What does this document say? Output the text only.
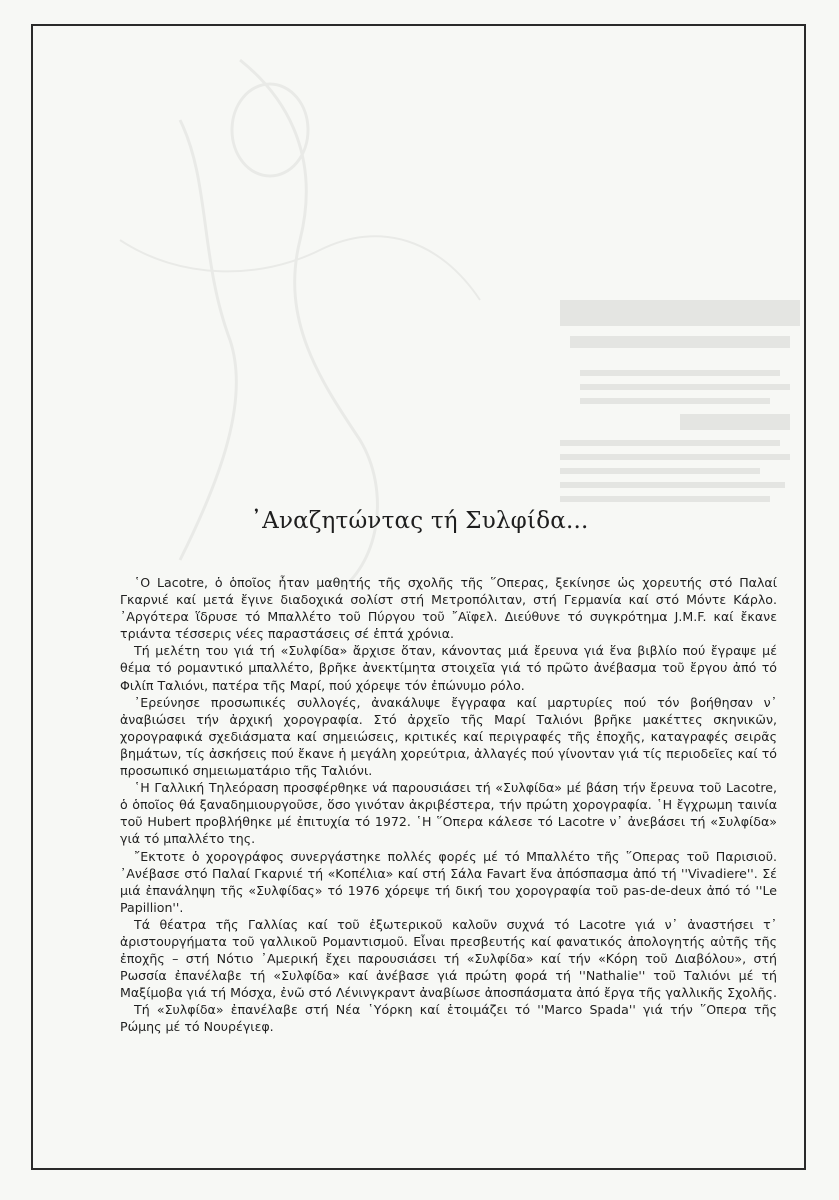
᾿Αναζητώντας τή Συλφίδα...

῾Ο Lacotre, ὁ ὁποῖος ἦταν μαθητής τῆς σχολῆς τῆς ῞Οπερας, ξεκίνησε ὡς χορευτής στό Παλαί Γκαρνιέ καί μετά ἔγινε διαδοχικά σολίστ στή Μετροπόλιταν, στή Γερμανία καί στό Μόντε Κάρλο. ᾿Αργότερα ἵδρυσε τό Μπαλλέτο τοῦ Πύργου τοῦ ῎Αϊφελ. Διεύθυνε τό συγκρότημα J.M.F. καί ἔκανε τριάντα τέσσερις νέες παραστάσεις σέ ἑπτά χρόνια.

Τή μελέτη του γιά τή «Συλφίδα» ἄρχισε ὅταν, κάνοντας μιά ἔρευνα γιά ἕνα βιβλίο πού ἔγραψε μέ θέμα τό ρομαντικό μπαλλέτο, βρῆκε ἀνεκτίμητα στοιχεῖα γιά τό πρῶτο ἀνέβασμα τοῦ ἔργου ἀπό τό Φιλίπ Ταλιόνι, πατέρα τῆς Μαρί, πού χόρεψε τόν ἐπώνυμο ρόλο.

᾿Ερεύνησε προσωπικές συλλογές, ἀνακάλυψε ἔγγραφα καί μαρτυρίες πού τόν βοήθησαν ν᾿ ἀναβιώσει τήν ἀρχική χορογραφία. Στό ἀρχεῖο τῆς Μαρί Ταλιόνι βρῆκε μακέττες σκηνικῶν, χορογραφικά σχεδιάσματα καί σημειώσεις, κριτικές καί περιγραφές τῆς ἐποχῆς, καταγραφές σειρᾶς βημάτων, τίς ἀσκήσεις πού ἔκανε ἡ μεγάλη χορεύτρια, ἀλλαγές πού γίνονταν γιά τίς περιοδεῖες καί τό προσωπικό σημειωματάριο τῆς Ταλιόνι.

῾Η Γαλλική Τηλεόραση προσφέρθηκε νά παρουσιάσει τή «Συλφίδα» μέ βάση τήν ἔρευνα τοῦ Lacotre, ὁ ὁποῖος θά ξαναδημιουργοῦσε, ὅσο γινόταν ἀκριβέστερα, τήν πρώτη χορογραφία. ῾Η ἔγχρωμη ταινία τοῦ Hubert προβλήθηκε μέ ἐπιτυχία τό 1972. ῾Η ῞Οπερα κάλεσε τό Lacotre ν᾿ ἀνεβάσει τή «Συλφίδα» γιά τό μπαλλέτο της.

῎Εκτοτε ὁ χορογράφος συνεργάστηκε πολλές φορές μέ τό Μπαλλέτο τῆς ῞Οπερας τοῦ Παρισιοῦ. ᾿Ανέβασε στό Παλαί Γκαρνιέ τή «Κοπέλια» καί στή Σάλα Favart ἕνα ἀπόσπασμα ἀπό τή ''Vivadiere''. Σέ μιά ἐπανάληψη τῆς «Συλφίδας» τό 1976 χόρεψε τή δική του χορογραφία τοῦ pas-de-deux ἀπό τό ''Le Papillion''.

Τά θέατρα τῆς Γαλλίας καί τοῦ ἐξωτερικοῦ καλοῦν συχνά τό Lacotre γιά ν᾿ ἀναστήσει τ᾿ ἀριστουργήματα τοῦ γαλλικοῦ Ρομαντισμοῦ. Εἶναι πρεσβευτής καί φανατικός ἀπολογητής αὐτῆς τῆς ἐποχῆς – στή Νότιο ᾿Αμερική ἔχει παρουσιάσει τή «Συλφίδα» καί τήν «Κόρη τοῦ Διαβόλου», στή Ρωσσία ἐπανέλαβε τή «Συλφίδα» καί ἀνέβασε γιά πρώτη φορά τή ''Nathalie'' τοῦ Ταλιόνι μέ τή Μαξίμοβα γιά τή Μόσχα, ἐνῶ στό Λένινγκραντ ἀναβίωσε ἀποσπάσματα ἀπό ἔργα τῆς γαλλικῆς Σχολῆς.

Τή «Συλφίδα» ἐπανέλαβε στή Νέα ῾Υόρκη καί ἑτοιμάζει τό ''Marco Spada'' γιά τήν ῞Οπερα τῆς Ρώμης μέ τό Νουρέγιεφ.
